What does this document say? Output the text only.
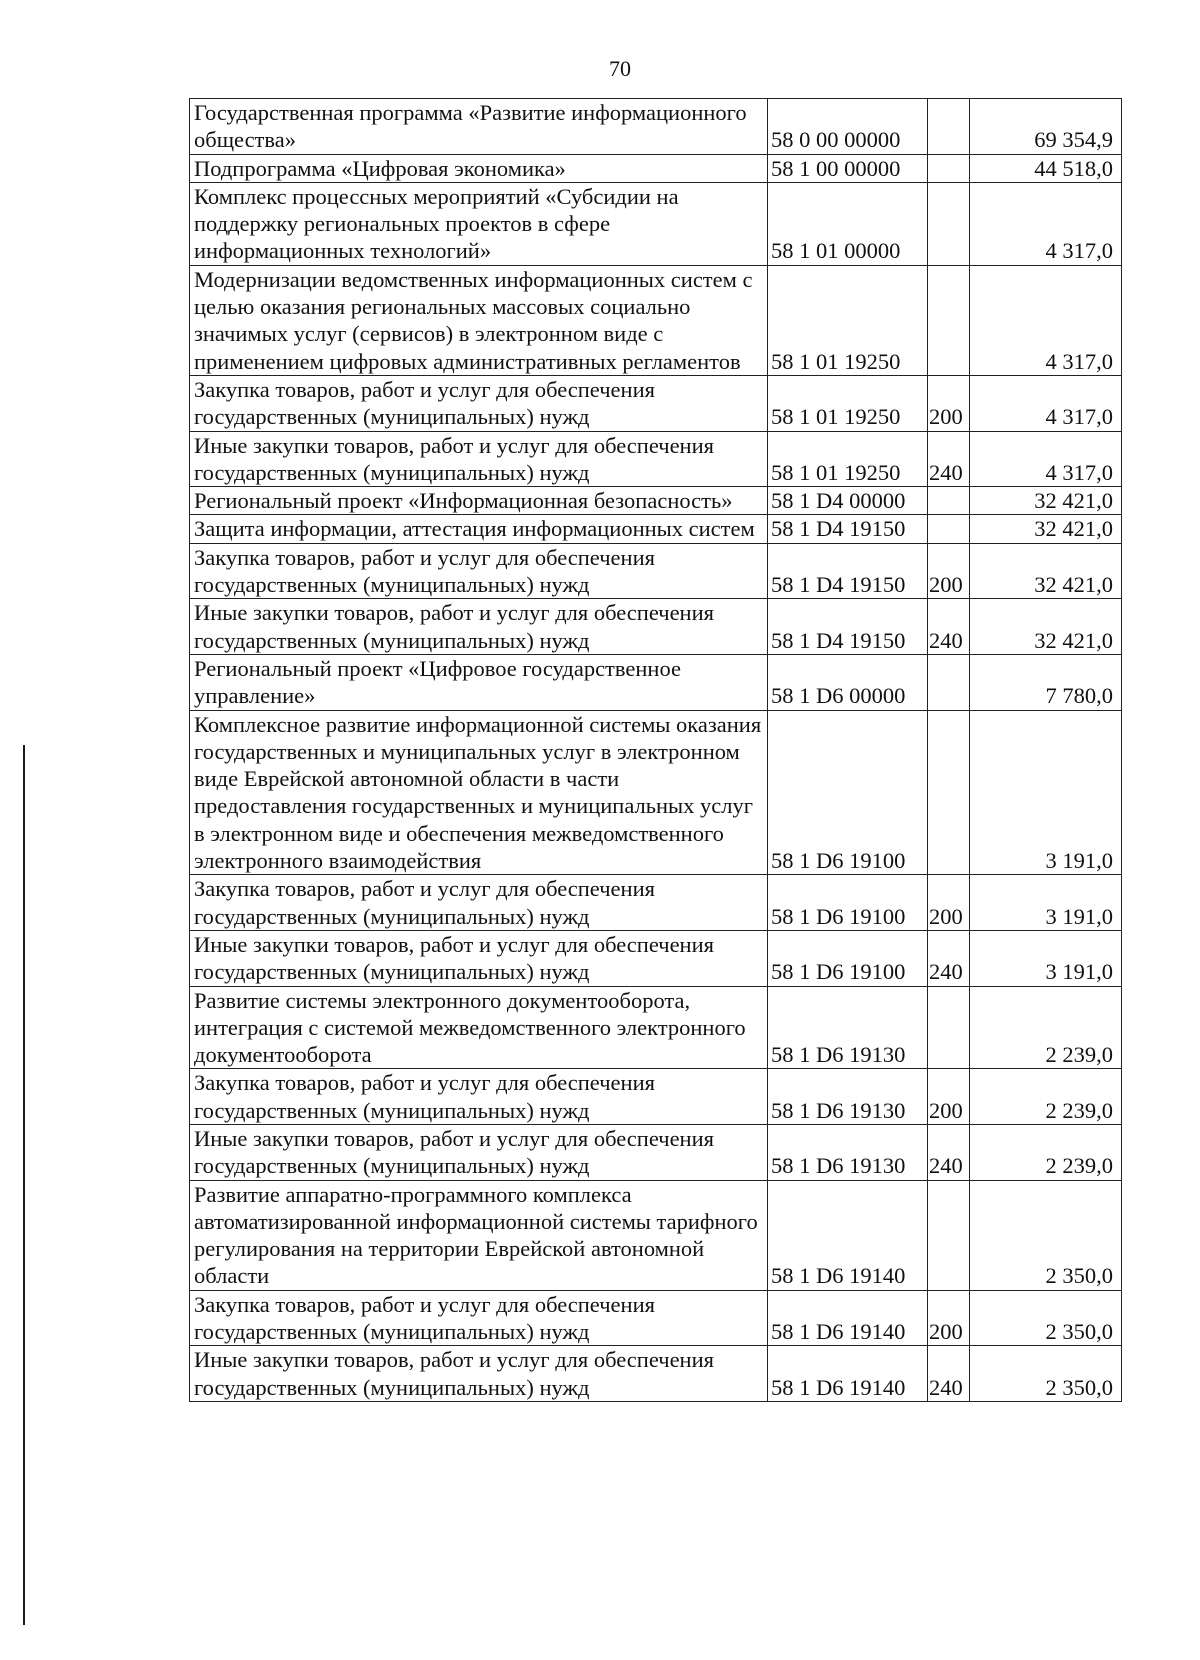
70
Государственная программа «Развитие информационного общества»	58 0 00 00000		69 354,9
Подпрограмма «Цифровая экономика»	58 1 00 00000		44 518,0
Комплекс процессных мероприятий «Субсидии на поддержку региональных проектов в сфере информационных технологий»	58 1 01 00000		4 317,0
Модернизации ведомственных информационных систем с целью оказания региональных массовых социально значимых услуг (сервисов) в электронном виде с применением цифровых административных регламентов	58 1 01 19250		4 317,0
Закупка товаров, работ и услуг для обеспечения государственных (муниципальных) нужд	58 1 01 19250	200	4 317,0
Иные закупки товаров, работ и услуг для обеспечения государственных (муниципальных) нужд	58 1 01 19250	240	4 317,0
Региональный проект «Информационная безопасность»	58 1 D4 00000		32 421,0
Защита информации, аттестация информационных систем	58 1 D4 19150		32 421,0
Закупка товаров, работ и услуг для обеспечения государственных (муниципальных) нужд	58 1 D4 19150	200	32 421,0
Иные закупки товаров, работ и услуг для обеспечения государственных (муниципальных) нужд	58 1 D4 19150	240	32 421,0
Региональный проект «Цифровое государственное управление»	58 1 D6 00000		7 780,0
Комплексное развитие информационной системы оказания государственных и муниципальных услуг в электронном виде Еврейской автономной области в части предоставления государственных и муниципальных услуг в электронном виде и обеспечения межведомственного электронного взаимодействия	58 1 D6 19100		3 191,0
Закупка товаров, работ и услуг для обеспечения государственных (муниципальных) нужд	58 1 D6 19100	200	3 191,0
Иные закупки товаров, работ и услуг для обеспечения государственных (муниципальных) нужд	58 1 D6 19100	240	3 191,0
Развитие системы электронного документооборота, интеграция с системой межведомственного электронного документооборота	58 1 D6 19130		2 239,0
Закупка товаров, работ и услуг для обеспечения государственных (муниципальных) нужд	58 1 D6 19130	200	2 239,0
Иные закупки товаров, работ и услуг для обеспечения государственных (муниципальных) нужд	58 1 D6 19130	240	2 239,0
Развитие аппаратно-программного комплекса автоматизированной информационной системы тарифного регулирования на территории Еврейской автономной области	58 1 D6 19140		2 350,0
Закупка товаров, работ и услуг для обеспечения государственных (муниципальных) нужд	58 1 D6 19140	200	2 350,0
Иные закупки товаров, работ и услуг для обеспечения государственных (муниципальных) нужд	58 1 D6 19140	240	2 350,0
